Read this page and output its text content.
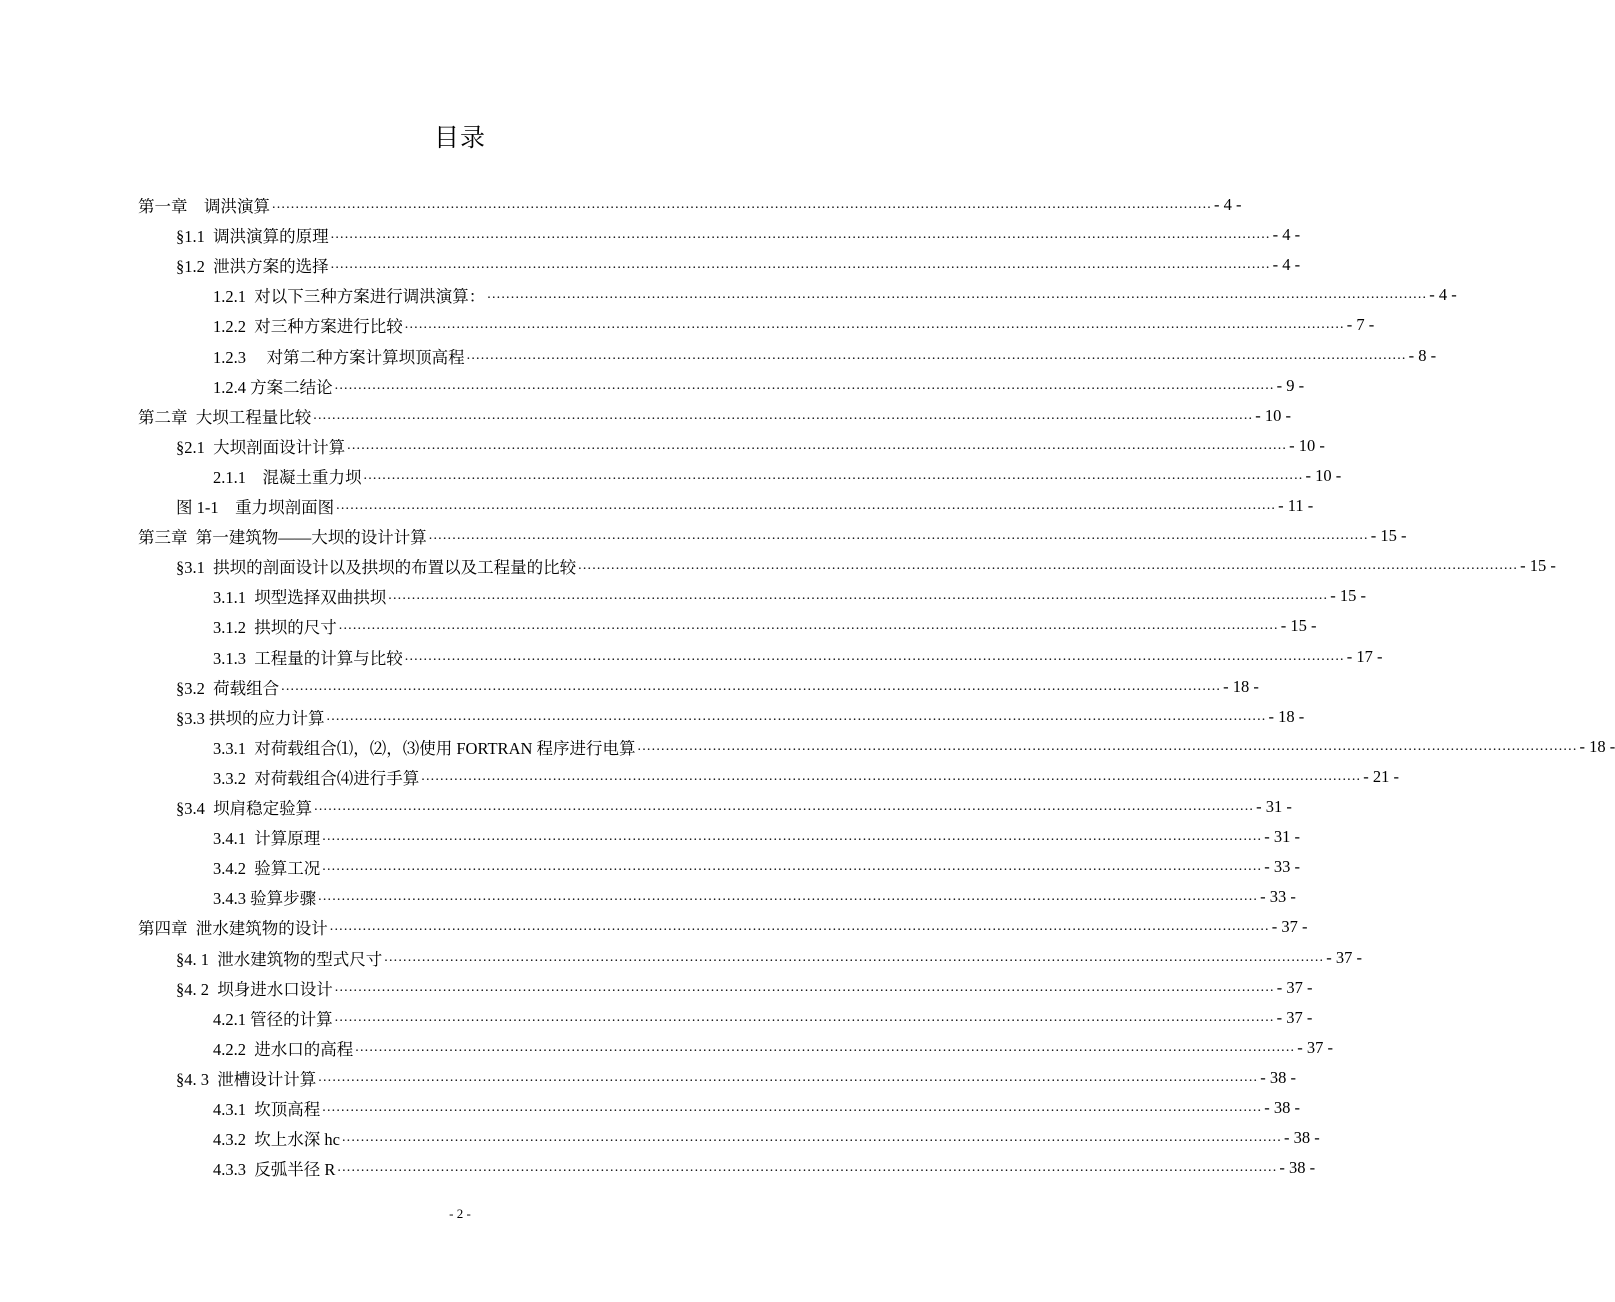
目录
第一章    调洪演算 ........................................................................................................................................................................................................ - 4 -
§1.1  调洪演算的原理 ........................................................................................................................................................................................................ - 4 -
§1.2  泄洪方案的选择 ........................................................................................................................................................................................................ - 4 -
1.2.1  对以下三种方案进行调洪演算： ........................................................................................................................................................................................................ - 4 -
1.2.2  对三种方案进行比较 ........................................................................................................................................................................................................ - 7 -
1.2.3     对第二种方案计算坝顶高程 ........................................................................................................................................................................................................ - 8 -
1.2.4 方案二结论 ........................................................................................................................................................................................................ - 9 -
第二章  大坝工程量比较 ........................................................................................................................................................................................................ - 10 -
§2.1  大坝剖面设计计算 ........................................................................................................................................................................................................ - 10 -
2.1.1    混凝土重力坝 ........................................................................................................................................................................................................ - 10 -
图 1-1    重力坝剖面图 ........................................................................................................................................................................................................ - 11 -
第三章  第一建筑物——大坝的设计计算 ........................................................................................................................................................................................................ - 15 -
§3.1  拱坝的剖面设计以及拱坝的布置以及工程量的比较 ........................................................................................................................................................................................................ - 15 -
3.1.1  坝型选择双曲拱坝 ........................................................................................................................................................................................................ - 15 -
3.1.2  拱坝的尺寸 ........................................................................................................................................................................................................ - 15 -
3.1.3  工程量的计算与比较 ........................................................................................................................................................................................................ - 17 -
§3.2  荷载组合 ........................................................................................................................................................................................................ - 18 -
§3.3 拱坝的应力计算 ........................................................................................................................................................................................................ - 18 -
3.3.1  对荷载组合⑴，⑵，⑶使用 FORTRAN 程序进行电算 ........................................................................................................................................................................................................ - 18 -
3.3.2  对荷载组合⑷进行手算 ........................................................................................................................................................................................................ - 21 -
§3.4  坝肩稳定验算 ........................................................................................................................................................................................................ - 31 -
3.4.1  计算原理 ........................................................................................................................................................................................................ - 31 -
3.4.2  验算工况 ........................................................................................................................................................................................................ - 33 -
3.4.3 验算步骤 ........................................................................................................................................................................................................ - 33 -
第四章  泄水建筑物的设计 ........................................................................................................................................................................................................ - 37 -
§4. 1  泄水建筑物的型式尺寸 ........................................................................................................................................................................................................ - 37 -
§4. 2  坝身进水口设计 ........................................................................................................................................................................................................ - 37 -
4.2.1 管径的计算 ........................................................................................................................................................................................................ - 37 -
4.2.2  进水口的高程 ........................................................................................................................................................................................................ - 37 -
§4. 3  泄槽设计计算 ........................................................................................................................................................................................................ - 38 -
4.3.1  坎顶高程 ........................................................................................................................................................................................................ - 38 -
4.3.2  坎上水深 hc ........................................................................................................................................................................................................ - 38 -
4.3.3  反弧半径 R ........................................................................................................................................................................................................ - 38 -
- 2 -
